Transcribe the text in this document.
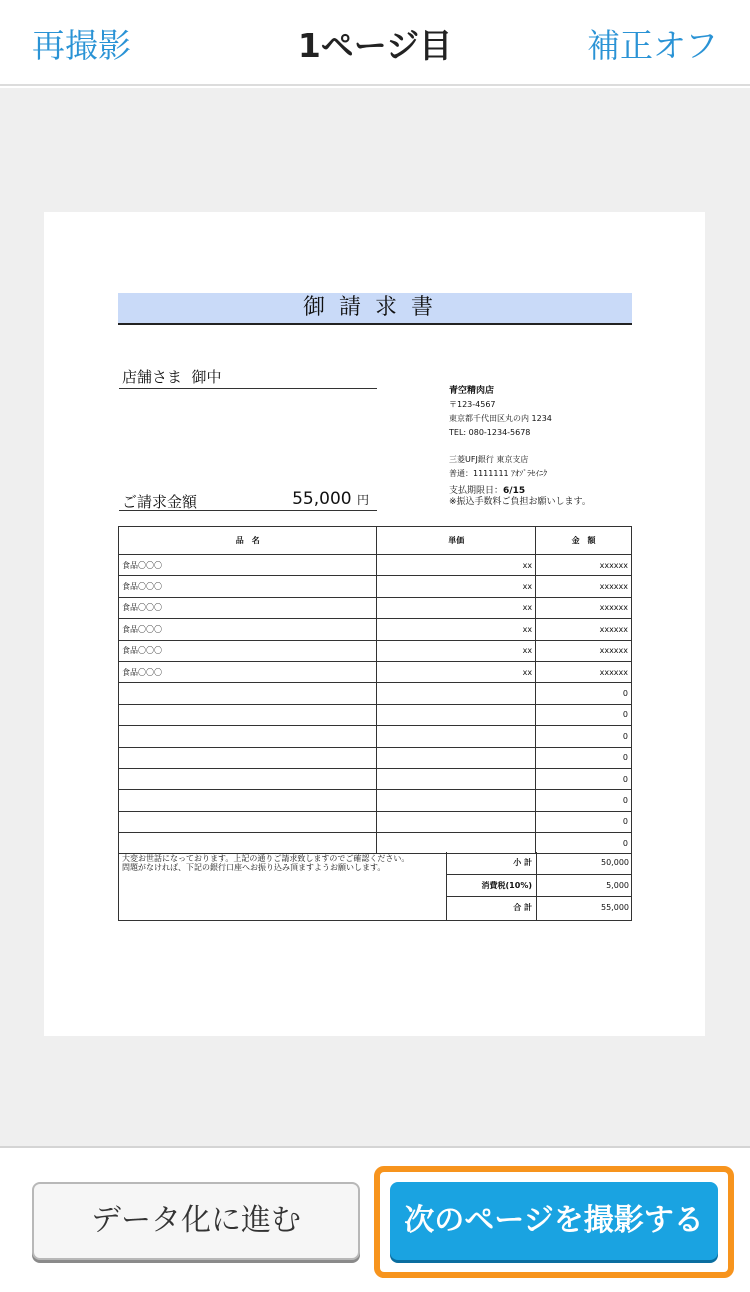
再撮影	1ページ目	補正オフ
御請求書
店舗さま  御中
青空精肉店
〒123-4567
東京都千代田区丸の内 1234
TEL: 080-1234-5678
三菱UFJ銀行 東京支店
普通：1111111 ｱｵｿﾞﾗｾｲﾆｸ
支払期限日：6/15
※振込手数料ご負担お願いします。
ご請求金額	55,000 円
品　名	単価	金　額
食品〇〇〇	xx	xxxxxx
食品〇〇〇	xx	xxxxxx
食品〇〇〇	xx	xxxxxx
食品〇〇〇	xx	xxxxxx
食品〇〇〇	xx	xxxxxx
食品〇〇〇	xx	xxxxxx
		0
		0
		0
		0
		0
		0
		0
		0
大変お世話になっております。上記の通りご請求致しますのでご確認ください。
問題がなければ、下記の銀行口座へお振り込み頂ますようお願いします。
小 計	50,000
消費税(10%)	5,000
合 計	55,000
データ化に進む	次のページを撮影する
